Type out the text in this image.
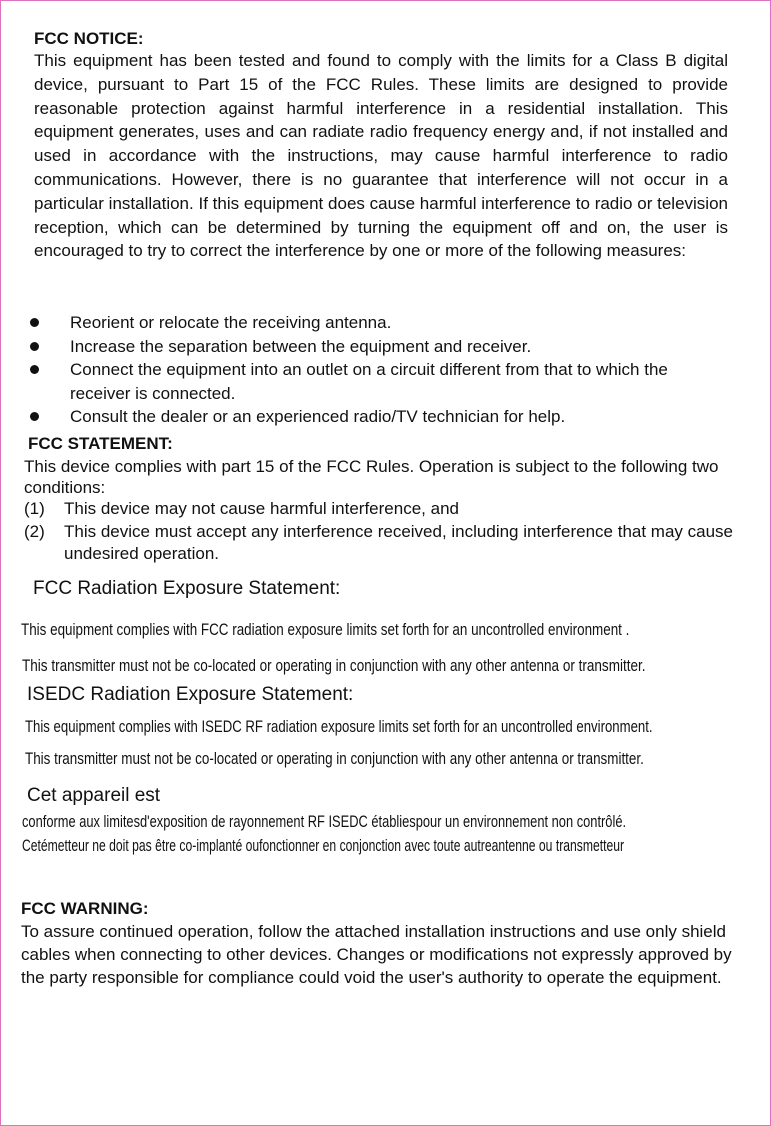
FCC NOTICE:
This equipment has been tested and found to comply with the limits for a Class B digital device, pursuant to Part 15 of the FCC Rules. These limits are designed to provide reasonable protection against harmful interference in a residential installation. This equipment generates, uses and can radiate radio frequency energy and, if not installed and used in accordance with the instructions, may cause harmful interference to radio communications. However, there is no guarantee that interference will not occur in a particular installation. If this equipment does cause harmful interference to radio or television reception, which can be determined by turning the equipment off and on, the user is encouraged to try to correct the interference by one or more of the following measures:
Reorient or relocate the receiving antenna.
Increase the separation between the equipment and receiver.
Connect the equipment into an outlet on a circuit different from that to which the receiver is connected.
Consult the dealer or an experienced radio/TV technician for help.
FCC STATEMENT:
This device complies with part 15 of the FCC Rules. Operation is subject to the following two conditions:
(1) This device may not cause harmful interference, and
(2) This device must accept any interference received, including interference that may cause undesired operation.
FCC Radiation Exposure Statement:
This equipment complies with FCC radiation exposure limits set forth for an uncontrolled environment .
This transmitter must not be co-located or operating in conjunction with any other antenna or transmitter.
ISEDC Radiation Exposure Statement:
This equipment complies with ISEDC RF radiation exposure limits set forth for an uncontrolled environment.
This transmitter must not be co-located or operating in conjunction with any other antenna or transmitter.
Cet appareil est
conforme aux limitesd'exposition de rayonnement RF ISEDC établiespour un environnement non contrôlé.
Cetémetteur ne doit pas être co-implanté oufonctionner en conjonction avec toute autreantenne ou transmetteur
FCC WARNING:
To assure continued operation, follow the attached installation instructions and use only shield cables when connecting to other devices. Changes or modifications not expressly approved by the party responsible for compliance could void the user's authority to operate the equipment.
